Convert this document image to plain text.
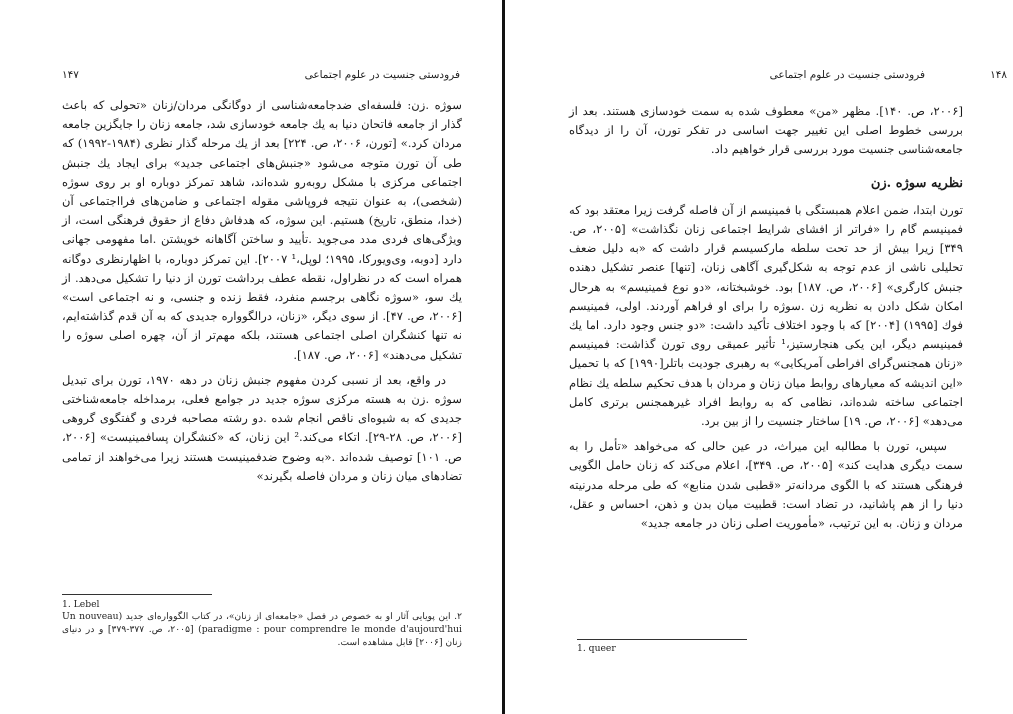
۱۴۷	فرودستی جنسیت در علوم اجتماعی

سوژه .زن: فلسفه‌ای ضدجامعه‌شناسی از دوگانگی مردان/زنان «تحولی که باعث گذار از جامعه فاتحان دنیا به یك جامعه خودسازی شد، جامعه زنان را جایگزین جامعه مردان کرد.» [تورن، ۲۰۰۶، ص. ۲۲۴] بعد از یك مرحله گذار نظری (۱۹۸۴-۱۹۹۲) که طی آن تورن متوجه می‌شود «جنبش‌های اجتماعی جدید» برای ایجاد یك جنبش اجتماعی مرکزی با مشکل روبه‌رو شده‌اند، شاهد تمرکز دوباره او بر روی سوژه (شخصی)، به عنوان نتیجه فروپاشی مقوله اجتماعی و ضامن‌های فرااجتماعی آن (خدا، منطق، تاریخ) هستیم. این سوژه، که هدفاش دفاع از حقوق فرهنگی است، از ویژگی‌های فردی مدد می‌جوید .تأیید و ساختن آگاهانه خویشتن .اما مفهومی جهانی دارد [دوبه، وی‌ویورکا، ۱۹۹۵؛ لوپل،¹ ۲۰۰۷]. این تمرکز دوباره، با اظهارنظری دوگانه همراه است که در نظراول، نقطه عطف برداشت تورن از دنیا را تشکیل می‌دهد. از یك سو، «سوژه نگاهی برجسم منفرد، فقط زنده و جنسی، و نه اجتماعی است» [۲۰۰۶، ص. ۴۷]. از سوی دیگر، «زنان، درالگوواره جدیدی که به آن قدم گذاشته‌ایم، نه تنها کنشگران اصلی اجتماعی هستند، بلکه مهم‌تر از آن، چهره اصلی سوژه را تشکیل می‌دهند» [۲۰۰۶، ص. ۱۸۷].

در واقع، بعد از نسبی کردن مفهوم جنبش زنان در دهه ۱۹۷۰، تورن برای تبدیل سوژه .زن به هسته مرکزی سوژه جدید در جوامع فعلی، برمداخله جامعه‌شناختی جدیدی که به شیوه‌ای ناقص انجام شده .دو رشته مصاحبه فردی و گفتگوی گروهی [۲۰۰۶، ص. ۲۸-۲۹]. اتکاء می‌کند.² این زنان، که «کنشگران پسافمینیست» [۲۰۰۶، ص. ۱۰۱] توصیف شده‌اند .«به وضوح ضدفمینیست هستند زیرا می‌خواهند از تمامی تضادهای میان زنان و مردان فاصله بگیرند»

1. Lebel

۲. این پویایی آثار او به خصوص در فصل «جامعه‌ای از زنان»، در کتاب الگوواره‌ای جدید (Un nouveau paradigme : pour comprendre le monde d'aujourd'hui) [۲۰۰۵، ص. ۳۷۷-۳۷۹] و در دنیای زنان [۲۰۰۶] قابل مشاهده است.

فرودستی جنسیت در علوم اجتماعی	۱۴۸

[۲۰۰۶، ص. ۱۴۰]. مظهر «من» معطوف شده به سمت خودسازی هستند. بعد از بررسی خطوط اصلی این تغییر جهت اساسی در تفکر تورن، آن را از دیدگاه جامعه‌شناسی جنسیت مورد بررسی قرار خواهیم داد.

نظریه سوژه .زن

تورن ابتدا، ضمن اعلام همبستگی با فمینیسم از آن فاصله گرفت زیرا معتقد بود که فمینیسم گام را «فراتر از افشای شرایط اجتماعی زنان نگذاشت» [۲۰۰۵، ص. ۳۴۹] زیرا بیش از حد تحت سلطه مارکسیسم قرار داشت که «به دلیل ضعف تحلیلی ناشی از عدم توجه به شکل‌گیری آگاهی زنان، [تنها] عنصر تشکیل دهنده جنبش کارگری» [۲۰۰۶، ص. ۱۸۷] بود. خوشبختانه، «دو نوع فمینیسم» به هرحال امکان شکل دادن به نظریه زن .سوژه را برای او فراهم آوردند. اولی، فمینیسم فوك [۱۹۹۵) [۲۰۰۴] که با وجود اختلاف تأکید داشت: «دو جنس وجود دارد. اما یك فمینیسم دیگر، این یکی هنجارستیز،¹ تأثیر عمیقی روی تورن گذاشت: فمینیسم «زنان همجنس‌گرای افراطی آمریکایی» به رهبری جودیت باتلر[۱۹۹۰] که با تحمیل «این اندیشه که معیارهای روابط میان زنان و مردان با هدف تحکیم سلطه یك نظام اجتماعی ساخته شده‌اند، نظامی که به روابط افراد غیرهمجنس برتری کامل می‌دهد» [۲۰۰۶، ص. ۱۹] ساختار جنسیت را از بین برد.

سپس، تورن با مطالبه این میراث، در عین حالی که می‌خواهد «تأمل را به سمت دیگری هدایت کند» [۲۰۰۵، ص. ۳۴۹]، اعلام می‌کند که زنان حامل الگویی فرهنگی هستند که با الگوی مردانه‌تر «قطبی شدن منابع» که طی مرحله مدرنیته دنیا را از هم پاشانید، در تضاد است: قطبیت میان بدن و ذهن، احساس و عقل، مردان و زنان. به این ترتیب، «مأموریت اصلی زنان در جامعه جدید»

1. queer
